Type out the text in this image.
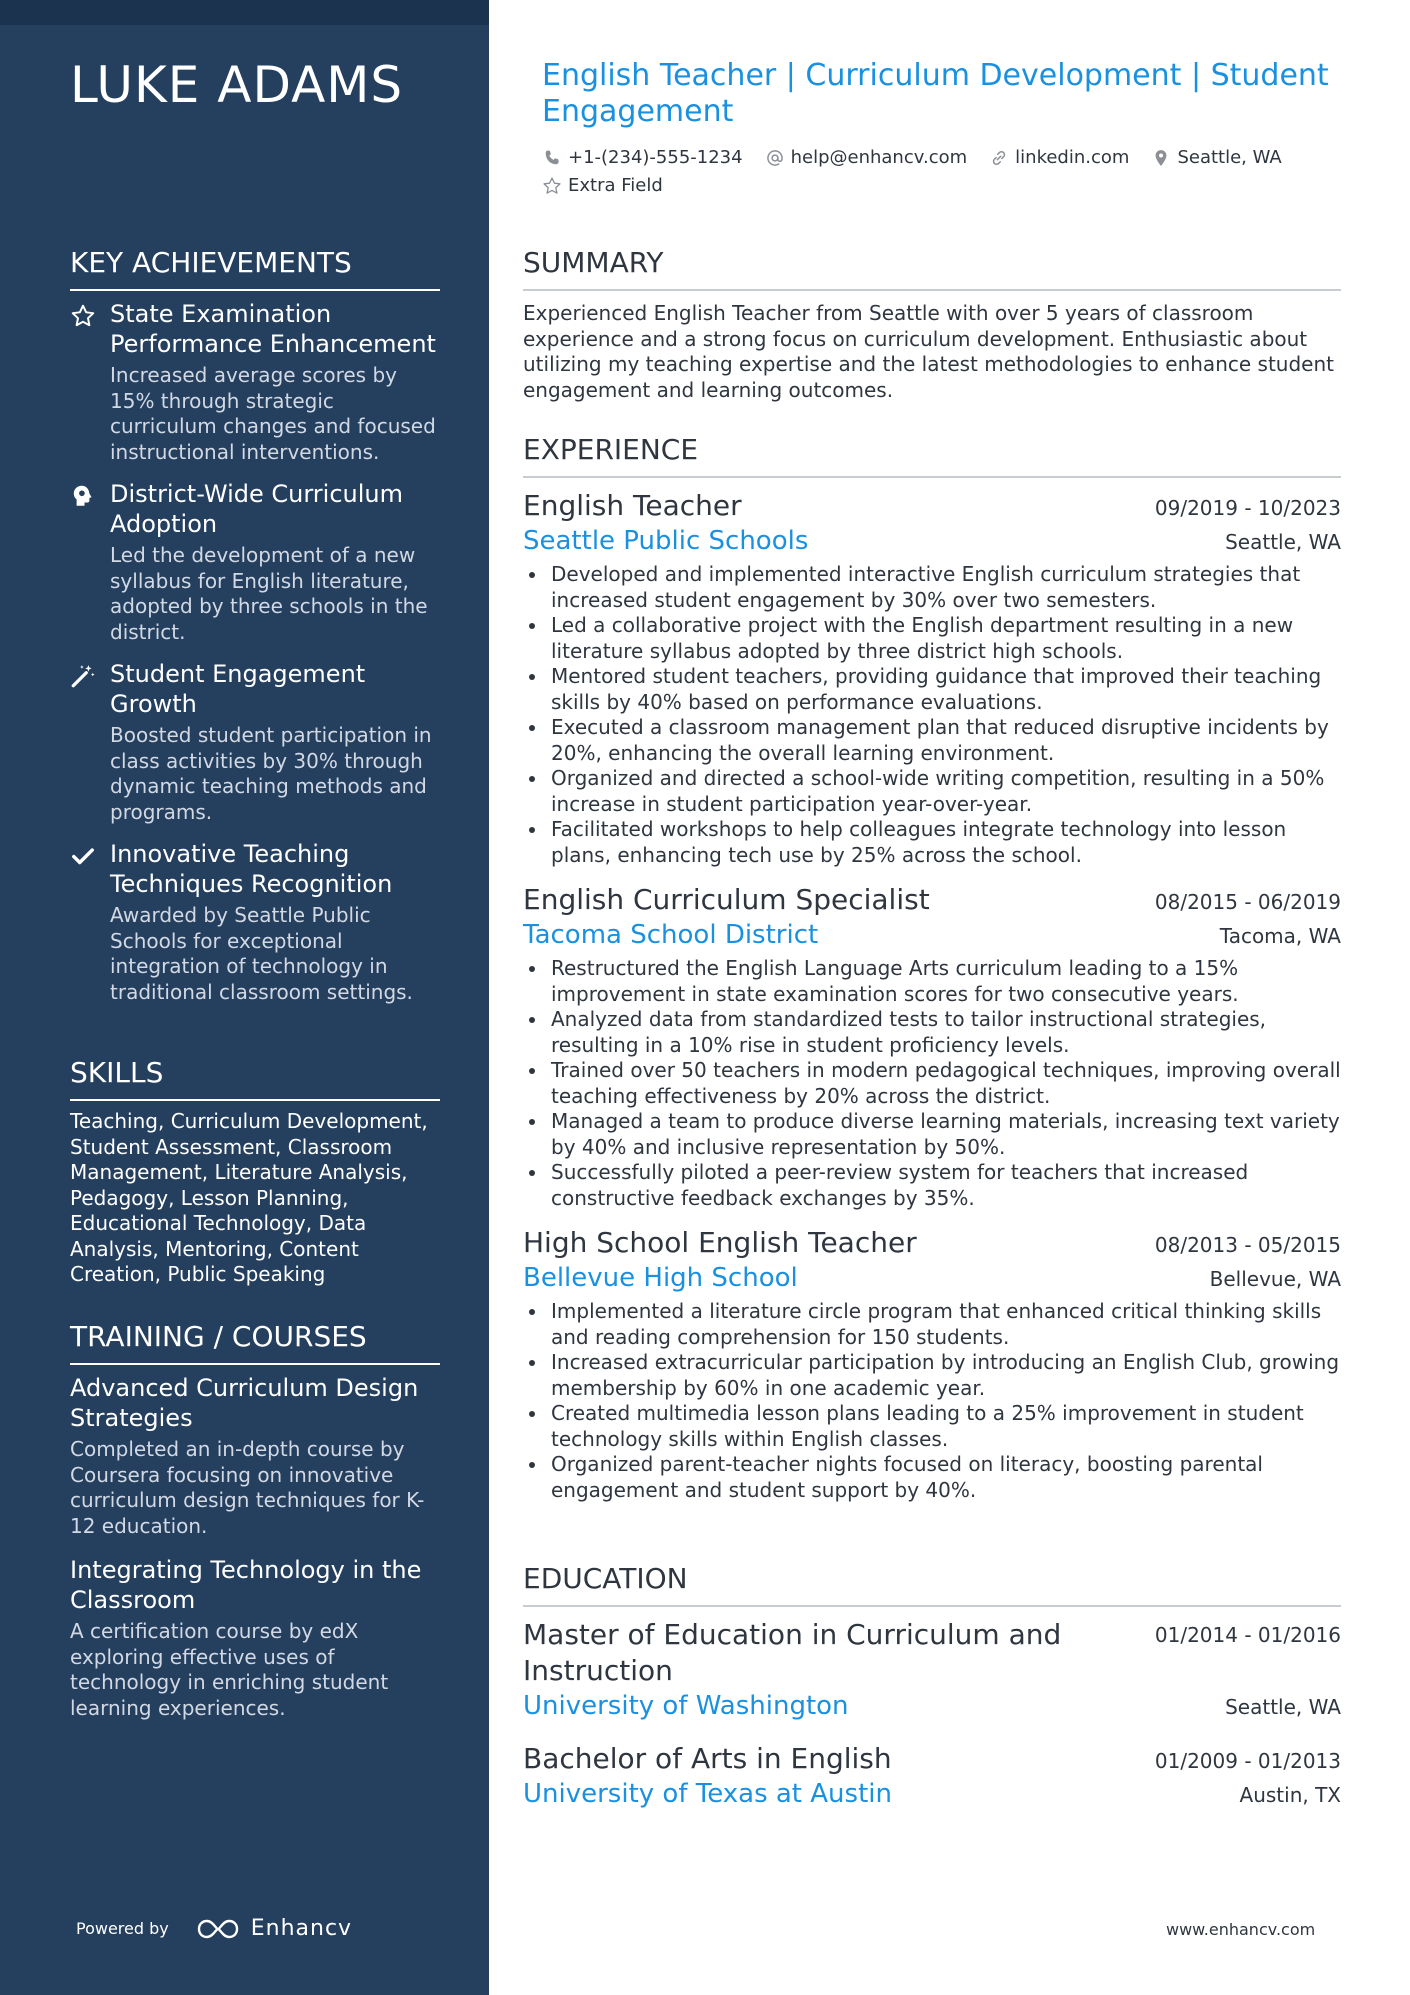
LUKE ADAMS
KEY ACHIEVEMENTS
State Examination Performance Enhancement
Increased average scores by 15% through strategic curriculum changes and focused instructional interventions.
District-Wide Curriculum Adoption
Led the development of a new syllabus for English literature, adopted by three schools in the district.
Student Engagement Growth
Boosted student participation in class activities by 30% through dynamic teaching methods and programs.
Innovative Teaching Techniques Recognition
Awarded by Seattle Public Schools for exceptional integration of technology in traditional classroom settings.
SKILLS
Teaching, Curriculum Development, Student Assessment, Classroom Management, Literature Analysis, Pedagogy, Lesson Planning, Educational Technology, Data Analysis, Mentoring, Content Creation, Public Speaking
TRAINING / COURSES
Advanced Curriculum Design Strategies
Completed an in-depth course by Coursera focusing on innovative curriculum design techniques for K-12 education.
Integrating Technology in the Classroom
A certification course by edX exploring effective uses of technology in enriching student learning experiences.
Powered by	Enhancv
English Teacher | Curriculum Development | Student Engagement
+1-(234)-555-1234	help@enhancv.com	linkedin.com	Seattle, WA
Extra Field
SUMMARY
Experienced English Teacher from Seattle with over 5 years of classroom experience and a strong focus on curriculum development. Enthusiastic about utilizing my teaching expertise and the latest methodologies to enhance student engagement and learning outcomes.
EXPERIENCE
English Teacher	09/2019 - 10/2023
Seattle Public Schools	Seattle, WA
Developed and implemented interactive English curriculum strategies that increased student engagement by 30% over two semesters.
Led a collaborative project with the English department resulting in a new literature syllabus adopted by three district high schools.
Mentored student teachers, providing guidance that improved their teaching skills by 40% based on performance evaluations.
Executed a classroom management plan that reduced disruptive incidents by 20%, enhancing the overall learning environment.
Organized and directed a school-wide writing competition, resulting in a 50% increase in student participation year-over-year.
Facilitated workshops to help colleagues integrate technology into lesson plans, enhancing tech use by 25% across the school.
English Curriculum Specialist	08/2015 - 06/2019
Tacoma School District	Tacoma, WA
Restructured the English Language Arts curriculum leading to a 15% improvement in state examination scores for two consecutive years.
Analyzed data from standardized tests to tailor instructional strategies, resulting in a 10% rise in student proficiency levels.
Trained over 50 teachers in modern pedagogical techniques, improving overall teaching effectiveness by 20% across the district.
Managed a team to produce diverse learning materials, increasing text variety by 40% and inclusive representation by 50%.
Successfully piloted a peer-review system for teachers that increased constructive feedback exchanges by 35%.
High School English Teacher	08/2013 - 05/2015
Bellevue High School	Bellevue, WA
Implemented a literature circle program that enhanced critical thinking skills and reading comprehension for 150 students.
Increased extracurricular participation by introducing an English Club, growing membership by 60% in one academic year.
Created multimedia lesson plans leading to a 25% improvement in student technology skills within English classes.
Organized parent-teacher nights focused on literacy, boosting parental engagement and student support by 40%.
EDUCATION
Master of Education in Curriculum and Instruction
01/2014 - 01/2016
University of Washington	Seattle, WA
Bachelor of Arts in English	01/2009 - 01/2013
University of Texas at Austin	Austin, TX
www.enhancv.com
